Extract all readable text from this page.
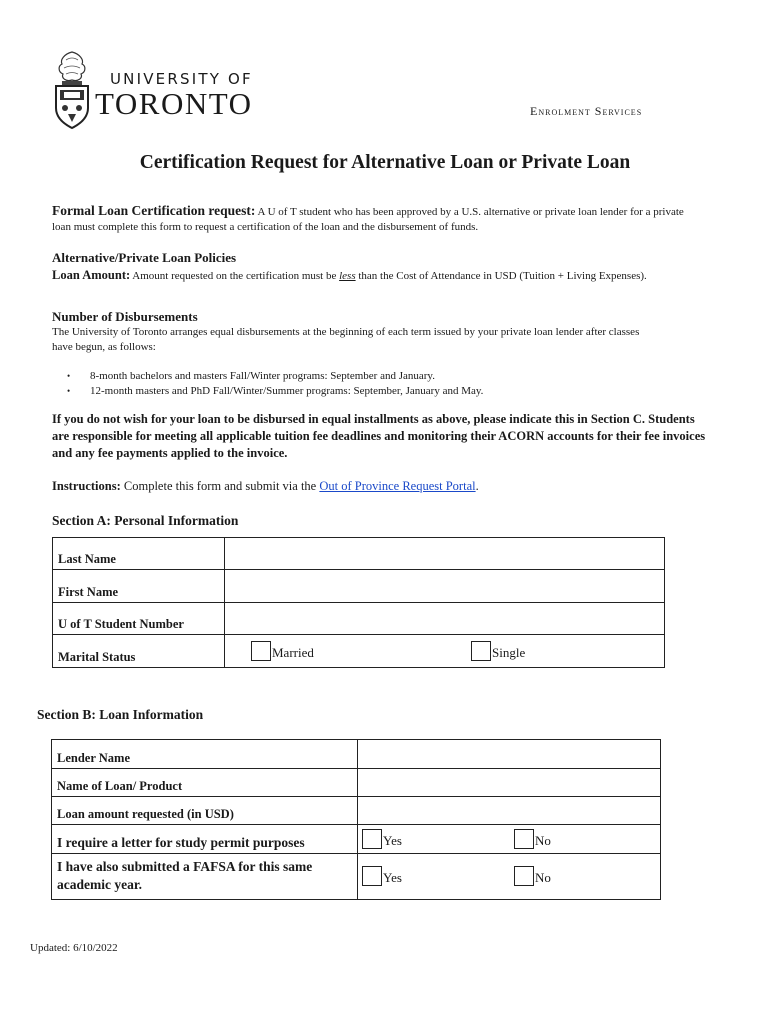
UNIVERSITY OF
TORONTO	Enrolment Services
Certification Request for Alternative Loan or Private Loan
Formal Loan Certification request: A U of T student who has been approved by a U.S. alternative or private loan lender for a private loan must complete this form to request a certification of the loan and the disbursement of funds.
Alternative/Private Loan Policies
Loan Amount: Amount requested on the certification must be less than the Cost of Attendance in USD (Tuition + Living Expenses).
Number of Disbursements
The University of Toronto arranges equal disbursements at the beginning of each term issued by your private loan lender after classes have begun, as follows:
• 8-month bachelors and masters Fall/Winter programs: September and January.
• 12-month masters and PhD Fall/Winter/Summer programs: September, January and May.
If you do not wish for your loan to be disbursed in equal installments as above, please indicate this in Section C. Students are responsible for meeting all applicable tuition fee deadlines and monitoring their ACORN accounts for their fee invoices and any fee payments applied to the invoice.
Instructions: Complete this form and submit via the Out of Province Request Portal.
Section A: Personal Information
Last Name	
First Name	
U of T Student Number	
Marital Status	Married Single
Section B: Loan Information
Lender Name	
Name of Loan/ Product	
Loan amount requested (in USD)	
I require a letter for study permit purposes	Yes No

I have also submitted a FAFSA for this same academic year.	Yes No
Updated: 6/10/2022
